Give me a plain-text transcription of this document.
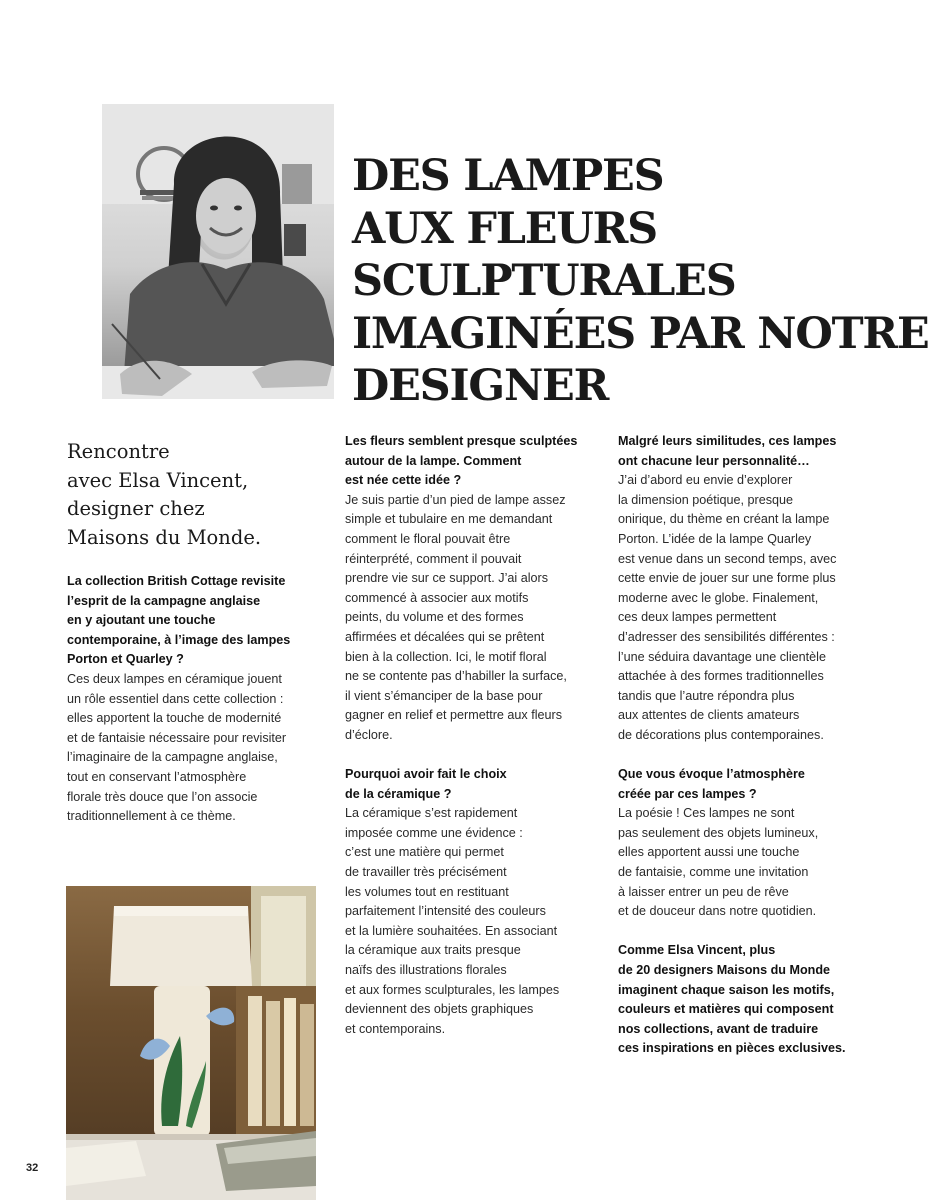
DES LAMPES
AUX FLEURS
SCULPTURALES
IMAGINÉES PAR NOTRE
DESIGNER
Rencontre
avec Elsa Vincent,
designer chez
Maisons du Monde.

La collection British Cottage revisite
l’esprit de la campagne anglaise
en y ajoutant une touche
contemporaine, à l’image des lampes
Porton et Quarley ?

Ces deux lampes en céramique jouent
un rôle essentiel dans cette collection :
elles apportent la touche de modernité
et de fantaisie nécessaire pour revisiter
l’imaginaire de la campagne anglaise,
tout en conservant l’atmosphère
florale très douce que l’on associe
traditionnellement à ce thème.

Les fleurs semblent presque sculptées
autour de la lampe. Comment
est née cette idée ?

Je suis partie d’un pied de lampe assez
simple et tubulaire en me demandant
comment le floral pouvait être
réinterprété, comment il pouvait
prendre vie sur ce support. J’ai alors
commencé à associer aux motifs
peints, du volume et des formes
affirmées et décalées qui se prêtent
bien à la collection. Ici, le motif floral
ne se contente pas d’habiller la surface,
il vient s’émanciper de la base pour
gagner en relief et permettre aux fleurs
d’éclore.

Pourquoi avoir fait le choix
de la céramique ?

La céramique s’est rapidement
imposée comme une évidence :
c’est une matière qui permet
de travailler très précisément
les volumes tout en restituant
parfaitement l’intensité des couleurs
et la lumière souhaitées. En associant
la céramique aux traits presque
naïfs des illustrations florales
et aux formes sculpturales, les lampes
deviennent des objets graphiques
et contemporains.

Malgré leurs similitudes, ces lampes
ont chacune leur personnalité…

J’ai d’abord eu envie d’explorer
la dimension poétique, presque
onirique, du thème en créant la lampe
Porton. L’idée de la lampe Quarley
est venue dans un second temps, avec
cette envie de jouer sur une forme plus
moderne avec le globe. Finalement,
ces deux lampes permettent
d’adresser des sensibilités différentes :
l’une séduira davantage une clientèle
attachée à des formes traditionnelles
tandis que l’autre répondra plus
aux attentes de clients amateurs
de décorations plus contemporaines.

Que vous évoque l’atmosphère
créée par ces lampes ?

La poésie ! Ces lampes ne sont
pas seulement des objets lumineux,
elles apportent aussi une touche
de fantaisie, comme une invitation
à laisser entrer un peu de rêve
et de douceur dans notre quotidien.

Comme Elsa Vincent, plus
de 20 designers Maisons du Monde
imaginent chaque saison les motifs,
couleurs et matières qui composent
nos collections, avant de traduire
ces inspirations en pièces exclusives.

32
